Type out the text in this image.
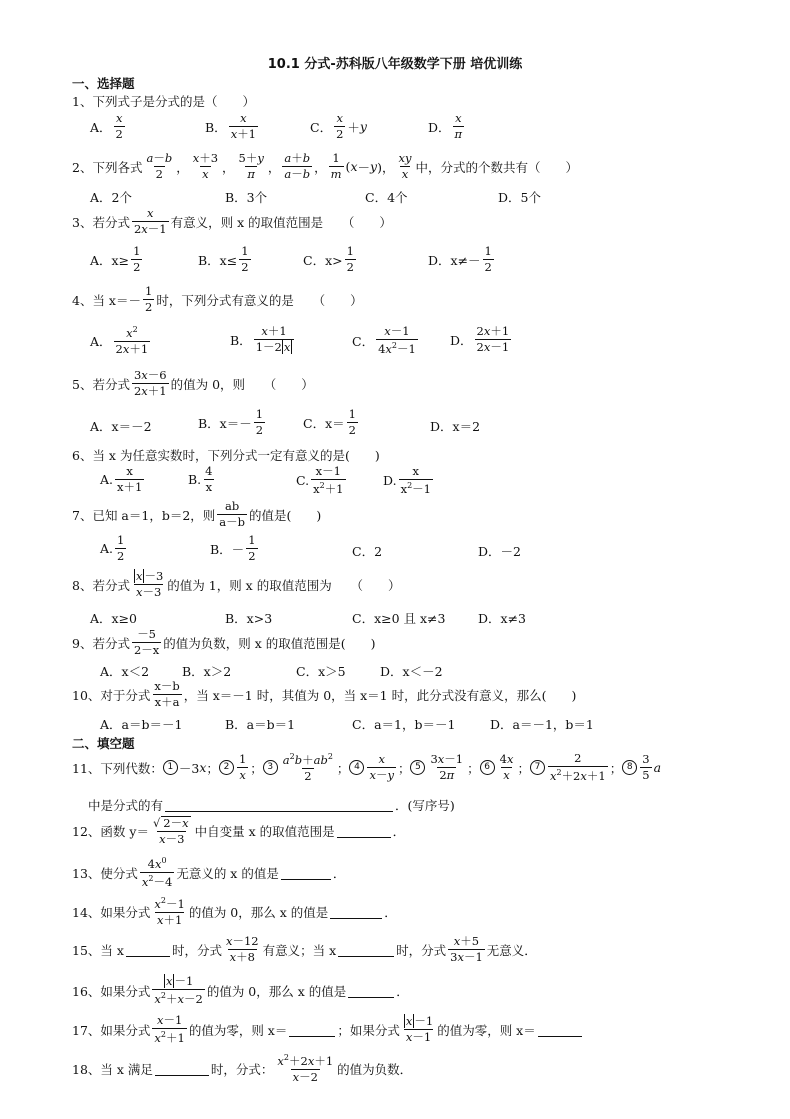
10.1 分式-苏科版八年级数学下册 培优训练
一、选择题
1、下列式子是分式的是（　　）
A．
x
2	B．
x
x＋1	C．
x
2 ＋ y	D．
x
π
2、下列各式
a－b
2 ，
x＋3
x ，
5＋y
π ，
a＋b
a－b ，
1
m ( x － y )，
xy
x 中，分式的个数共有（　　）
A．2个	B．3个	C．4个	D．5个
3、若分式
x
2x－1 有意义，则 x 的取值范围是　　（　　）
A．$x\ge \frac{1}{2}$	B．$x\le \frac{1}{2}$	C．x>
1
2	D．x≠－
1
2
4、当 x＝－
1
2 时，下列分式有意义的是　　（　　）
A．
$x^2$
2x＋1
B．
x＋1
1－2 x	C．
x－1
$4x^2-1$
D．
2x＋1
2x－1
5、若分式
3x－6
2x＋1 的值为 0，则　　（　　）
A．x＝－2	B．x＝－
1
2	C．x＝
1
2	D．x＝2
6、当 x 为任意实数时，下列分式一定有意义的是(　　)
A.
x
x＋1	B.
4
x	C.
x－1
$x^2+1$
D.
x
$x^2-1$
7、已知 a＝1，b＝2，则
ab
a－b 的值是(　　)
A.
1
2	B．－
1
2	C．2	D．－2
8、若分式
x －3
x－3 的值为 1，则 x 的取值范围为　　（　　）
A．x≥0	B．x>3	C．x≥0 且 x≠3	D．x≠3
9、若分式
－5
2－x 的值为负数，则 x 的取值范围是(　　)
A．x＜2	B．x＞2	C．x＞5	D．x＜－2
10、对于分式
x－b
x＋a ，当 x＝－1 时，其值为 0，当 x＝1 时，此分式没有意义，那么(　　)
A．a＝b＝－1	B．a＝b＝1	C．a＝1，b＝－1	D．a＝－1，b＝1
二、填空题
11、下列代数： 1 －3 x ； 2
1
x ； 3
$a^2b+ab^2$
2
； 4
x
x－y ； 5
3x－1
2π ； 6
4x
x ； 7
2
$x^2+2x+1$
； 8
3
5 a
中是分式的有	．(写序号)
12、函数 y＝
√ 2－x
x－3 中自变量 x 的取值范围是	．
13、使分式
$4x^0$
$x^2-4$
无意义的 x 的值是	．
14、如果分式
$x^2-1$
x＋1
的值为 0，那么 x 的值是	．
15、当 x	时，分式
x－12
x＋8 有意义；当 x	时，分式
x＋5
3x－1 无意义．
16、如果分式
x －1
$x^2+x-2$
的值为 0，那么 x 的值是	．
17、如果分式
x－1
$x^2+1$
的值为零，则 x＝	；如果分式
x －1
x－1 的值为零，则 x＝
18、当 x 满足	时，分式：
$x^2+2x+1$
x－2
的值为负数．
